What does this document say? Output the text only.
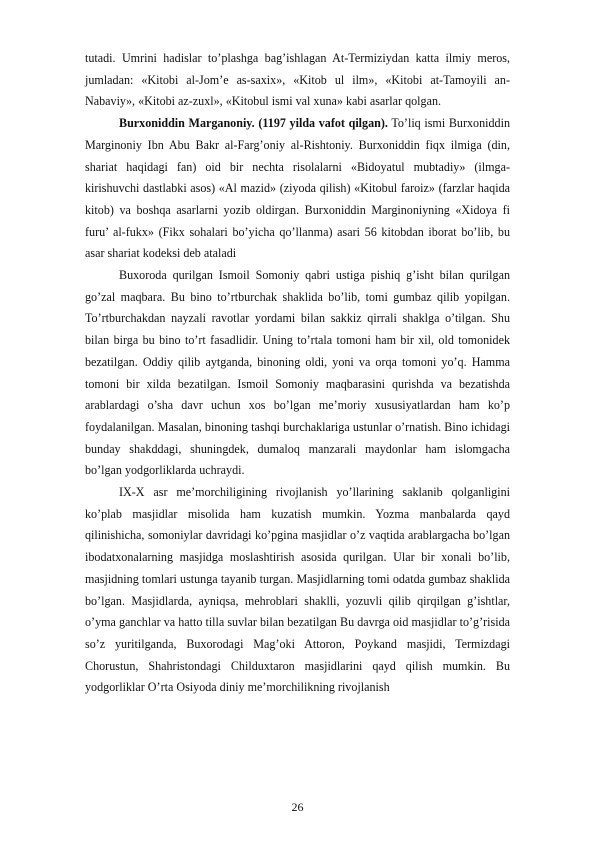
tutadi. Umrini hadislar to’plashga bag’ishlagan At-Termiziydan katta ilmiy meros, jumladan: «Kitobi al-Jom’e as-saxix», «Kitob ul ilm», «Kitobi at-Tamoyili an-Nabaviy», «Kitobi az-zuxl», «Kitobul ismi val xuna» kabi asarlar qolgan.

Burxoniddin Marganoniy. (1197 yilda vafot qilgan). To’liq ismi Burxoniddin Marginoniy Ibn Abu Bakr al-Farg’oniy al-Rishtoniy. Burxoniddin fiqx ilmiga (din, shariat haqidagi fan) oid bir nechta risolalarni «Bidoyatul mubtadiy» (ilmga-kirishuvchi dastlabki asos) «Al mazid» (ziyoda qilish) «Kitobul faroiz» (farzlar haqida kitob) va boshqa asarlarni yozib oldirgan. Burxoniddin Marginoniyning «Xidoya fi furu’ al-fukx» (Fikx sohalari bo’yicha qo’llanma) asari 56 kitobdan iborat bo’lib, bu asar shariat kodeksi deb ataladi

Buxoroda qurilgan Ismoil Somoniy qabri ustiga pishiq g’isht bilan qurilgan go’zal maqbara. Bu bino to’rtburchak shaklida bo’lib, tomi gumbaz qilib yopilgan. To’rtburchakdan nayzali ravotlar yordami bilan sakkiz qirrali shaklga o’tilgan. Shu bilan birga bu bino to’rt fasadlidir. Uning to’rtala tomoni ham bir xil, old tomonidek bezatilgan. Oddiy qilib aytganda, binoning oldi, yoni va orqa tomoni yo’q. Hamma tomoni bir xilda bezatilgan. Ismoil Somoniy maqbarasini qurishda va bezatishda arablardagi o’sha davr uchun xos bo’lgan me’moriy xususiyatlardan ham ko’p foydalanilgan. Masalan, binoning tashqi burchaklariga ustunlar o’rnatish. Bino ichidagi bunday shakddagi, shuningdek, dumaloq manzarali maydonlar ham islomgacha bo’lgan yodgorliklarda uchraydi.

IX-X asr me’morchiligining rivojlanish yo’llarining saklanib qolganligini ko’plab masjidlar misolida ham kuzatish mumkin. Yozma manbalarda qayd qilinishicha, somoniylar davridagi ko’pgina masjidlar o’z vaqtida arablargacha bo’lgan ibodatxonalarning masjidga moslashtirish asosida qurilgan. Ular bir xonali bo’lib, masjidning tomlari ustunga tayanib turgan. Masjidlarning tomi odatda gumbaz shaklida bo’lgan. Masjidlarda, ayniqsa, mehroblari shaklli, yozuvli qilib qirqilgan g’ishtlar, o’yma ganchlar va hatto tilla suvlar bilan bezatilgan Bu davrga oid masjidlar to’g’risida so’z yuritilganda, Buxorodagi Mag’oki Attoron, Poykand masjidi, Termizdagi Chorustun, Shahristondagi Childuxtaron masjidlarini qayd qilish mumkin. Bu yodgorliklar O’rta Osiyoda diniy me’morchilikning rivojlanish

26
